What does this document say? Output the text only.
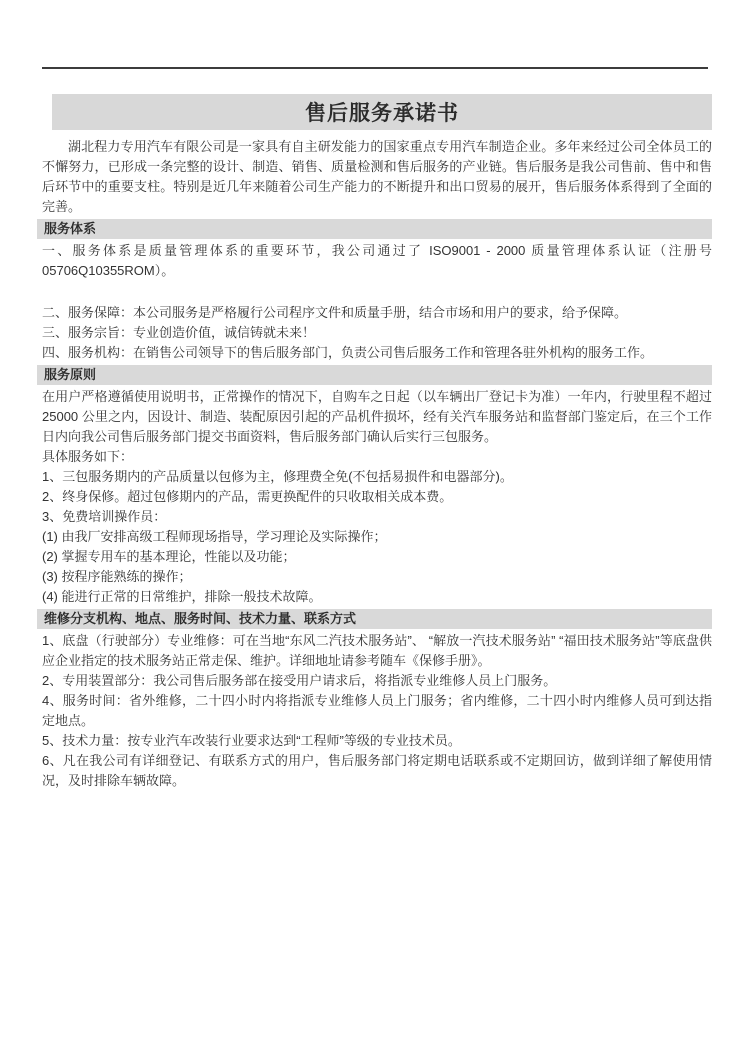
售后服务承诺书

湖北程力专用汽车有限公司是一家具有自主研发能力的国家重点专用汽车制造企业。多年来经过公司全体员工的不懈努力，已形成一条完整的设计、制造、销售、质量检测和售后服务的产业链。售后服务是我公司售前、售中和售后环节中的重要支柱。特别是近几年来随着公司生产能力的不断提升和出口贸易的展开，售后服务体系得到了全面的完善。

服务体系

一、服务体系是质量管理体系的重要环节，我公司通过了 ISO9001 - 2000 质量管理体系认证（注册号 05706Q10355ROM）。

二、服务保障：本公司服务是严格履行公司程序文件和质量手册，结合市场和用户的要求，给予保障。

三、服务宗旨：专业创造价值，诚信铸就未来！

四、服务机构：在销售公司领导下的售后服务部门，负责公司售后服务工作和管理各驻外机构的服务工作。

服务原则

在用户严格遵循使用说明书，正常操作的情况下，自购车之日起（以车辆出厂登记卡为准）一年内，行驶里程不超过 25000 公里之内，因设计、制造、装配原因引起的产品机件损坏，经有关汽车服务站和监督部门鉴定后，在三个工作日内向我公司售后服务部门提交书面资料，售后服务部门确认后实行三包服务。

具体服务如下：

1、三包服务期内的产品质量以包修为主，修理费全免(不包括易损件和电器部分)。

2、终身保修。超过包修期内的产品，需更换配件的只收取相关成本费。

3、免费培训操作员：

(1) 由我厂安排高级工程师现场指导，学习理论及实际操作；

(2) 掌握专用车的基本理论，性能以及功能；

(3) 按程序能熟练的操作；

(4) 能进行正常的日常维护，排除一般技术故障。

维修分支机构、地点、服务时间、技术力量、联系方式

1、底盘（行驶部分）专业维修：可在当地“东风二汽技术服务站”、 “解放一汽技术服务站” “福田技术服务站”等底盘供应企业指定的技术服务站正常走保、维护。详细地址请参考随车《保修手册》。

2、专用装置部分：我公司售后服务部在接受用户请求后，将指派专业维修人员上门服务。

4、服务时间：省外维修，二十四小时内将指派专业维修人员上门服务；省内维修，二十四小时内维修人员可到达指定地点。

5、技术力量：按专业汽车改装行业要求达到“工程师”等级的专业技术员。

6、凡在我公司有详细登记、有联系方式的用户，售后服务部门将定期电话联系或不定期回访，做到详细了解使用情况，及时排除车辆故障。
